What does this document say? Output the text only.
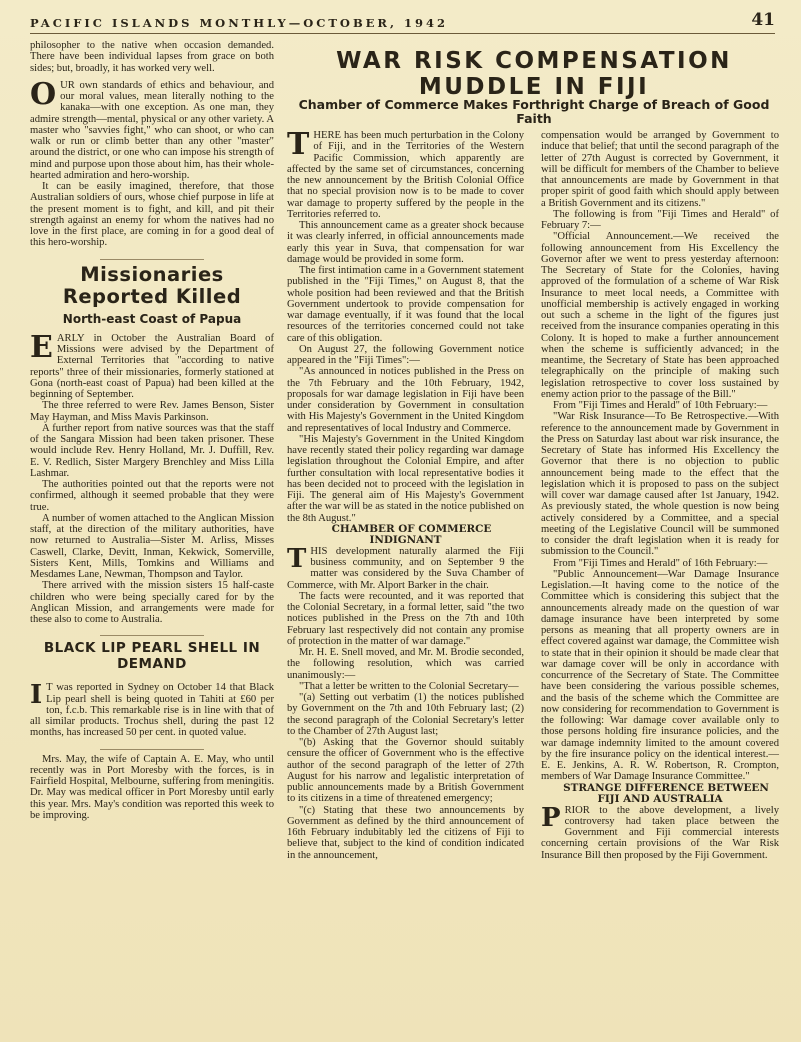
PACIFIC ISLANDS MONTHLY—OCTOBER, 1942	41

philosopher to the native when occasion demanded. There have been individual lapses from grace on both sides; but, broadly, it has worked very well.

OUR own standards of ethics and behaviour, and our moral values, mean literally nothing to the kanaka—with one exception. As one man, they admire strength—mental, physical or any other variety. A master who "savvies fight," who can shoot, or who can walk or run or climb better than any other "master" around the district, or one who can impose his strength of mind and purpose upon those about him, has their whole-hearted admiration and hero-worship.

It can be easily imagined, therefore, that those Australian soldiers of ours, whose chief purpose in life at the present moment is to fight, and kill, and pit their strength against an enemy for whom the natives had no love in the first place, are coming in for a good deal of this hero-worship.

Missionaries Reported Killed
North-east Coast of Papua

EARLY in October the Australian Board of Missions were advised by the Department of External Territories that "according to native reports" three of their missionaries, formerly stationed at Gona (north-east coast of Papua) had been killed at the beginning of September.

The three referred to were Rev. James Benson, Sister May Hayman, and Miss Mavis Parkinson.

A further report from native sources was that the staff of the Sangara Mission had been taken prisoner. These would include Rev. Henry Holland, Mr. J. Duffill, Rev. E. V. Redlich, Sister Margery Brenchley and Miss Lilla Lashmar.

The authorities pointed out that the reports were not confirmed, although it seemed probable that they were true.

A number of women attached to the Anglican Mission staff, at the direction of the military authorities, have now returned to Australia—Sister M. Arliss, Misses Caswell, Clarke, Devitt, Inman, Kekwick, Somerville, Sisters Kent, Mills, Tomkins and Williams and Mesdames Lane, Newman, Thompson and Taylor.

There arrived with the mission sisters 15 half-caste children who were being specially cared for by the Anglican Mission, and arrangements were made for these also to come to Australia.

BLACK LIP PEARL SHELL IN DEMAND

I T was reported in Sydney on October 14 that Black Lip pearl shell is being quoted in Tahiti at £60 per ton, f.c.b. This remarkable rise is in line with that of all similar products. Trochus shell, during the past 12 months, has increased 50 per cent. in quoted value.

Mrs. May, the wife of Captain A. E. May, who until recently was in Port Moresby with the forces, is in Fairfield Hospital, Melbourne, suffering from meningitis. Dr. May was medical officer in Port Moresby until early this year. Mrs. May's condition was reported this week to be improving.

WAR RISK COMPENSATION MUDDLE IN FIJI
Chamber of Commerce Makes Forthright Charge of Breach of Good Faith

THERE has been much perturbation in the Colony of Fiji, and in the Territories of the Western Pacific Commission, which apparently are affected by the same set of circumstances, concerning the new announcement by the British Colonial Office that no special provision now is to be made to cover war damage to property suffered by the people in the Territories referred to.

This announcement came as a greater shock because it was clearly inferred, in official announcements made early this year in Suva, that compensation for war damage would be provided in some form.

The first intimation came in a Government statement published in the "Fiji Times," on August 8, that the whole position had been reviewed and that the British Government undertook to provide compensation for war damage eventually, if it was found that the local resources of the territories concerned could not take care of this obligation.

On August 27, the following Government notice appeared in the "Fiji Times":—

"As announced in notices published in the Press on the 7th February and the 10th February, 1942, proposals for war damage legislation in Fiji have been under consideration by Government in consultation with His Majesty's Government in the United Kingdom and representatives of local Industry and Commerce.

"His Majesty's Government in the United Kingdom have recently stated their policy regarding war damage legislation throughout the Colonial Empire, and after further consultation with local representative bodies it has been decided not to proceed with the legislation in Fiji. The general aim of His Majesty's Government after the war will be as stated in the notice published on the 8th August."

CHAMBER OF COMMERCE INDIGNANT

THIS development naturally alarmed the Fiji business community, and on September 9 the matter was considered by the Suva Chamber of Commerce, with Mr. Alport Barker in the chair.

The facts were recounted, and it was reported that the Colonial Secretary, in a formal letter, said "the two notices published in the Press on the 7th and 10th February last respectively did not contain any promise of protection in the matter of war damage."

Mr. H. E. Snell moved, and Mr. M. Brodie seconded, the following resolution, which was carried unanimously:—

"That a letter be written to the Colonial Secretary—

"(a) Setting out verbatim (1) the notices published by Government on the 7th and 10th February last; (2) the second paragraph of the Colonial Secretary's letter to the Chamber of 27th August last;

"(b) Asking that the Governor should suitably censure the officer of Government who is the effective author of the second paragraph of the letter of 27th August for his narrow and legalistic interpretation of public announcements made by a British Government to its citizens in a time of threatened emergency;

"(c) Stating that these two announcements by Government as defined by the third announcement of 16th February indubitably led the citizens of Fiji to believe that, subject to the kind of condition indicated in the announcement,

compensation would be arranged by Government to induce that belief; that until the second paragraph of the letter of 27th August is corrected by Government, it will be difficult for members of the Chamber to believe that announcements are made by Government in that proper spirit of good faith which should apply between a British Government and its citizens."

The following is from "Fiji Times and Herald" of February 7:—

"Official Announcement.—We received the following announcement from His Excellency the Governor after we went to press yesterday afternoon: The Secretary of State for the Colonies, having approved of the formulation of a scheme of War Risk Insurance to meet local needs, a Committee with unofficial membership is actively engaged in working out such a scheme in the light of the figures just received from the insurance companies operating in this Colony. It is hoped to make a further announcement when the scheme is sufficiently advanced; in the meantime, the Secretary of State has been approached telegraphically on the principle of making such legislation retrospective to cover loss sustained by enemy action prior to the passage of the Bill."

From "Fiji Times and Herald" of 10th February:—

"War Risk Insurance—To Be Retrospective.—With reference to the announcement made by Government in the Press on Saturday last about war risk insurance, the Secretary of State has informed His Excellency the Governor that there is no objection to public announcement being made to the effect that the legislation which it is proposed to pass on the subject will cover war damage caused after 1st January, 1942. As previously stated, the whole question is now being actively considered by a Committee, and a special meeting of the Legislative Council will be summoned to consider the draft legislation when it is ready for submission to the Council."

From "Fiji Times and Herald" of 16th February:—

"Public Announcement—War Damage Insurance Legislation.—It having come to the notice of the Committee which is considering this subject that the announcements already made on the question of war damage insurance have been interpreted by some persons as meaning that all property owners are in effect covered against war damage, the Committee wish to state that in their opinion it should be made clear that war damage cover will be only in accordance with concurrence of the Secretary of State. The Committee have been considering the various possible schemes, and the basis of the scheme which the Committee are now considering for recommendation to Government is the following: War damage cover available only to those persons holding fire insurance policies, and the war damage indemnity limited to the amount covered by the fire insurance policy on the identical interest.—E. E. Jenkins, A. R. W. Robertson, R. Crompton, members of War Damage Insurance Committee."

STRANGE DIFFERENCE BETWEEN FIJI AND AUSTRALIA

PRIOR to the above development, a lively controversy had taken place between the Government and Fiji commercial interests concerning certain provisions of the War Risk Insurance Bill then proposed by the Fiji Government.
